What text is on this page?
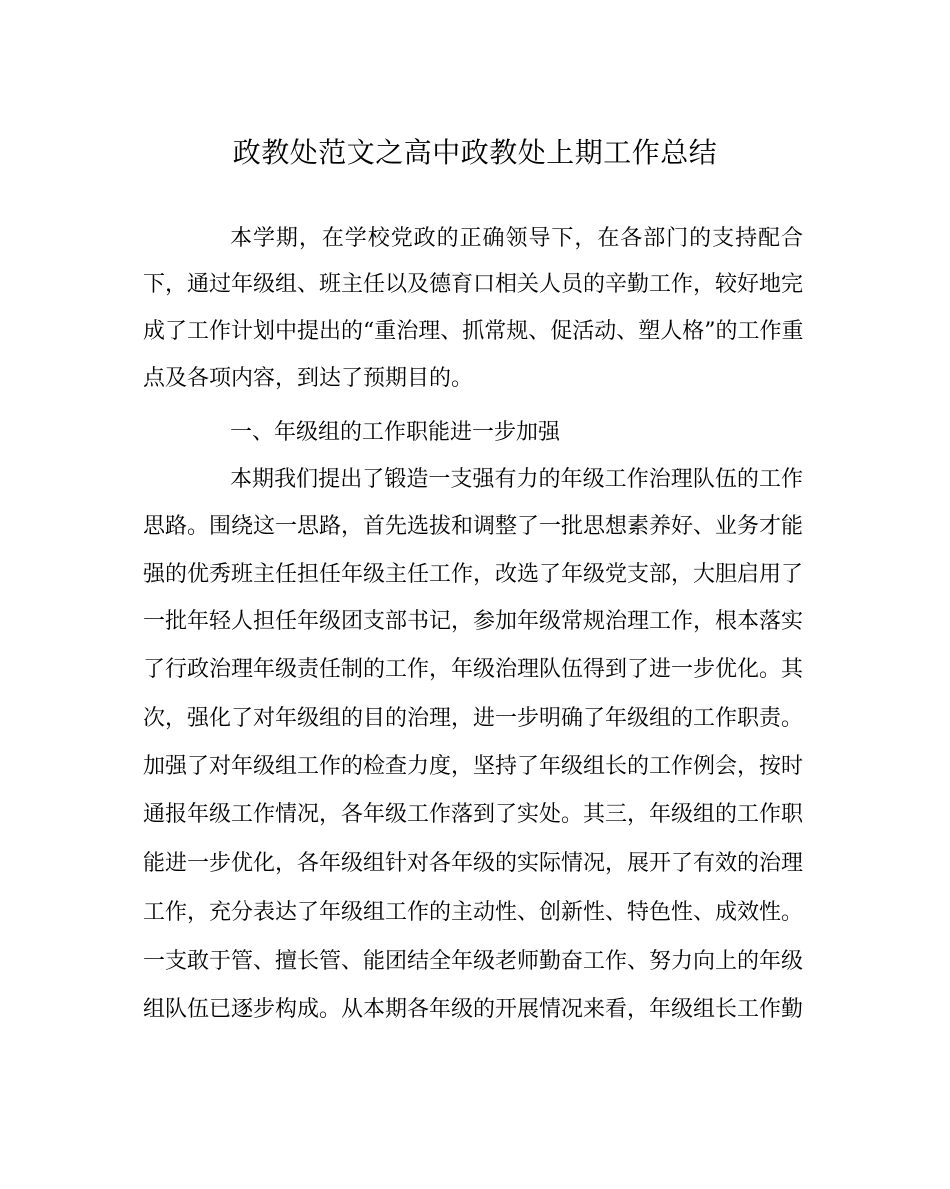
政教处范文之高中政教处上期工作总结
本学期，在学校党政的正确领导下，在各部门的支持配合
下，通过年级组、班主任以及德育口相关人员的辛勤工作，较好地完
成了工作计划中提出的“重治理、抓常规、促活动、塑人格”的工作重
点及各项内容，到达了预期目的。
一、年级组的工作职能进一步加强
本期我们提出了锻造一支强有力的年级工作治理队伍的工作
思路。围绕这一思路，首先选拔和调整了一批思想素养好、业务才能
强的优秀班主任担任年级主任工作，改选了年级党支部，大胆启用了
一批年轻人担任年级团支部书记，参加年级常规治理工作，根本落实
了行政治理年级责任制的工作，年级治理队伍得到了进一步优化。其
次，强化了对年级组的目的治理，进一步明确了年级组的工作职责。
加强了对年级组工作的检查力度，坚持了年级组长的工作例会，按时
通报年级工作情况，各年级工作落到了实处。其三，年级组的工作职
能进一步优化，各年级组针对各年级的实际情况，展开了有效的治理
工作，充分表达了年级组工作的主动性、创新性、特色性、成效性。
一支敢于管、擅长管、能团结全年级老师勤奋工作、努力向上的年级
组队伍已逐步构成。从本期各年级的开展情况来看，年级组长工作勤
